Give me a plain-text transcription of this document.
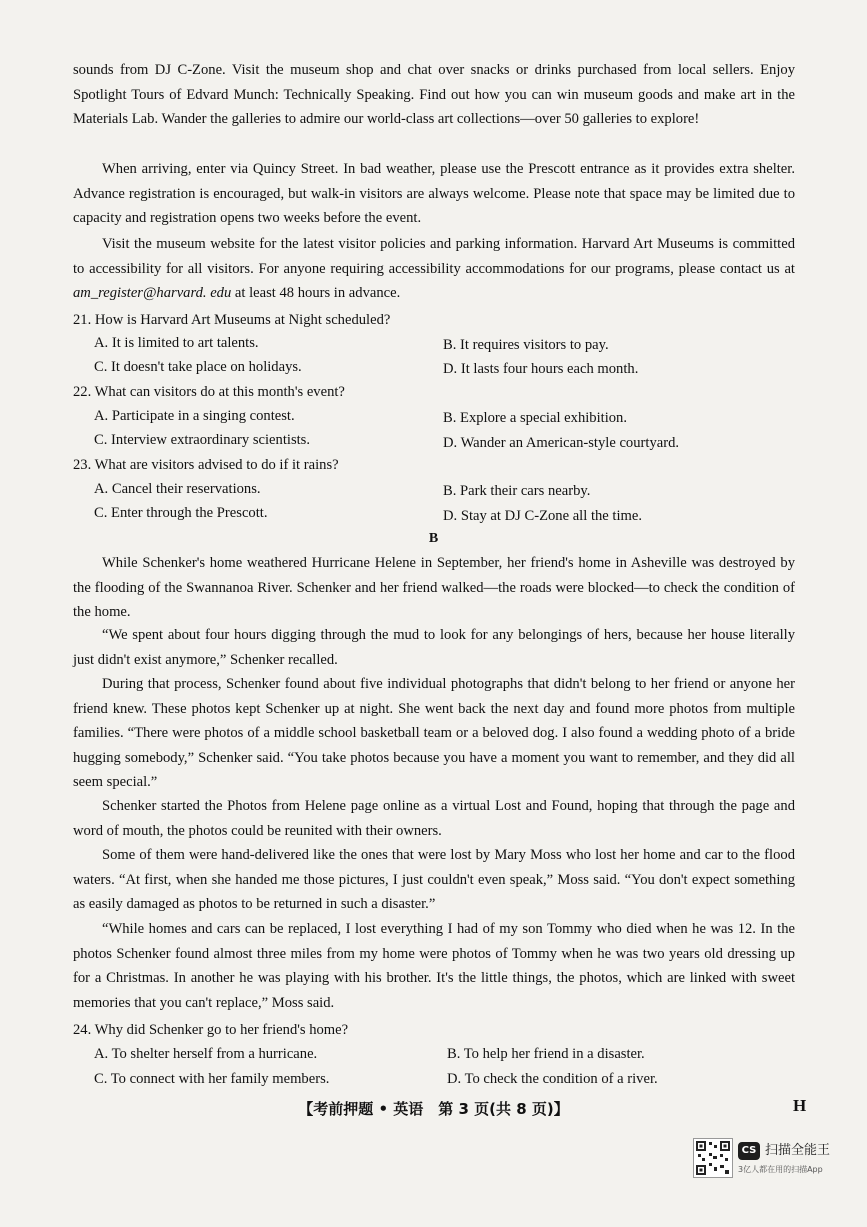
sounds from DJ C-Zone. Visit the museum shop and chat over snacks or drinks purchased from local sellers. Enjoy Spotlight Tours of Edvard Munch: Technically Speaking. Find out how you can win museum goods and make art in the Materials Lab. Wander the galleries to admire our world-class art collections—over 50 galleries to explore!

When arriving, enter via Quincy Street. In bad weather, please use the Prescott entrance as it provides extra shelter. Advance registration is encouraged, but walk-in visitors are always welcome. Please note that space may be limited due to capacity and registration opens two weeks before the event.

Visit the museum website for the latest visitor policies and parking information. Harvard Art Museums is committed to accessibility for all visitors. For anyone requiring accessibility accommodations for our programs, please contact us at am_register@harvard. edu at least 48 hours in advance.

21. How is Harvard Art Museums at Night scheduled?
A. It is limited to art talents.	B. It requires visitors to pay.
C. It doesn't take place on holidays.	D. It lasts four hours each month.
22. What can visitors do at this month's event?
A. Participate in a singing contest.	B. Explore a special exhibition.
C. Interview extraordinary scientists.	D. Wander an American-style courtyard.
23. What are visitors advised to do if it rains?
A. Cancel their reservations.	B. Park their cars nearby.
C. Enter through the Prescott.	D. Stay at DJ C-Zone all the time.
B

While Schenker's home weathered Hurricane Helene in September, her friend's home in Asheville was destroyed by the flooding of the Swannanoa River. Schenker and her friend walked—the roads were blocked—to check the condition of the home.

“We spent about four hours digging through the mud to look for any belongings of hers, because her house literally just didn't exist anymore,” Schenker recalled.

During that process, Schenker found about five individual photographs that didn't belong to her friend or anyone her friend knew. These photos kept Schenker up at night. She went back the next day and found more photos from multiple families. “There were photos of a middle school basketball team or a beloved dog. I also found a wedding photo of a bride hugging somebody,” Schenker said. “You take photos because you have a moment you want to remember, and they did all seem special.”

Schenker started the Photos from Helene page online as a virtual Lost and Found, hoping that through the page and word of mouth, the photos could be reunited with their owners.

Some of them were hand-delivered like the ones that were lost by Mary Moss who lost her home and car to the flood waters. “At first, when she handed me those pictures, I just couldn't even speak,” Moss said. “You don't expect something as easily damaged as photos to be returned in such a disaster.”

“While homes and cars can be replaced, I lost everything I had of my son Tommy who died when he was 12. In the photos Schenker found almost three miles from my home were photos of Tommy when he was two years old dressing up for a Christmas. In another he was playing with his brother. It's the little things, the photos, which are linked with sweet memories that you can't replace,” Moss said.

24. Why did Schenker go to her friend's home?
A. To shelter herself from a hurricane.	B. To help her friend in a disaster.
C. To connect with her family members.	D. To check the condition of a river.
【考前押题 • 英语　第 3 页(共 8 页)】	H
CS 扫描全能王
3亿人都在用的扫描App
